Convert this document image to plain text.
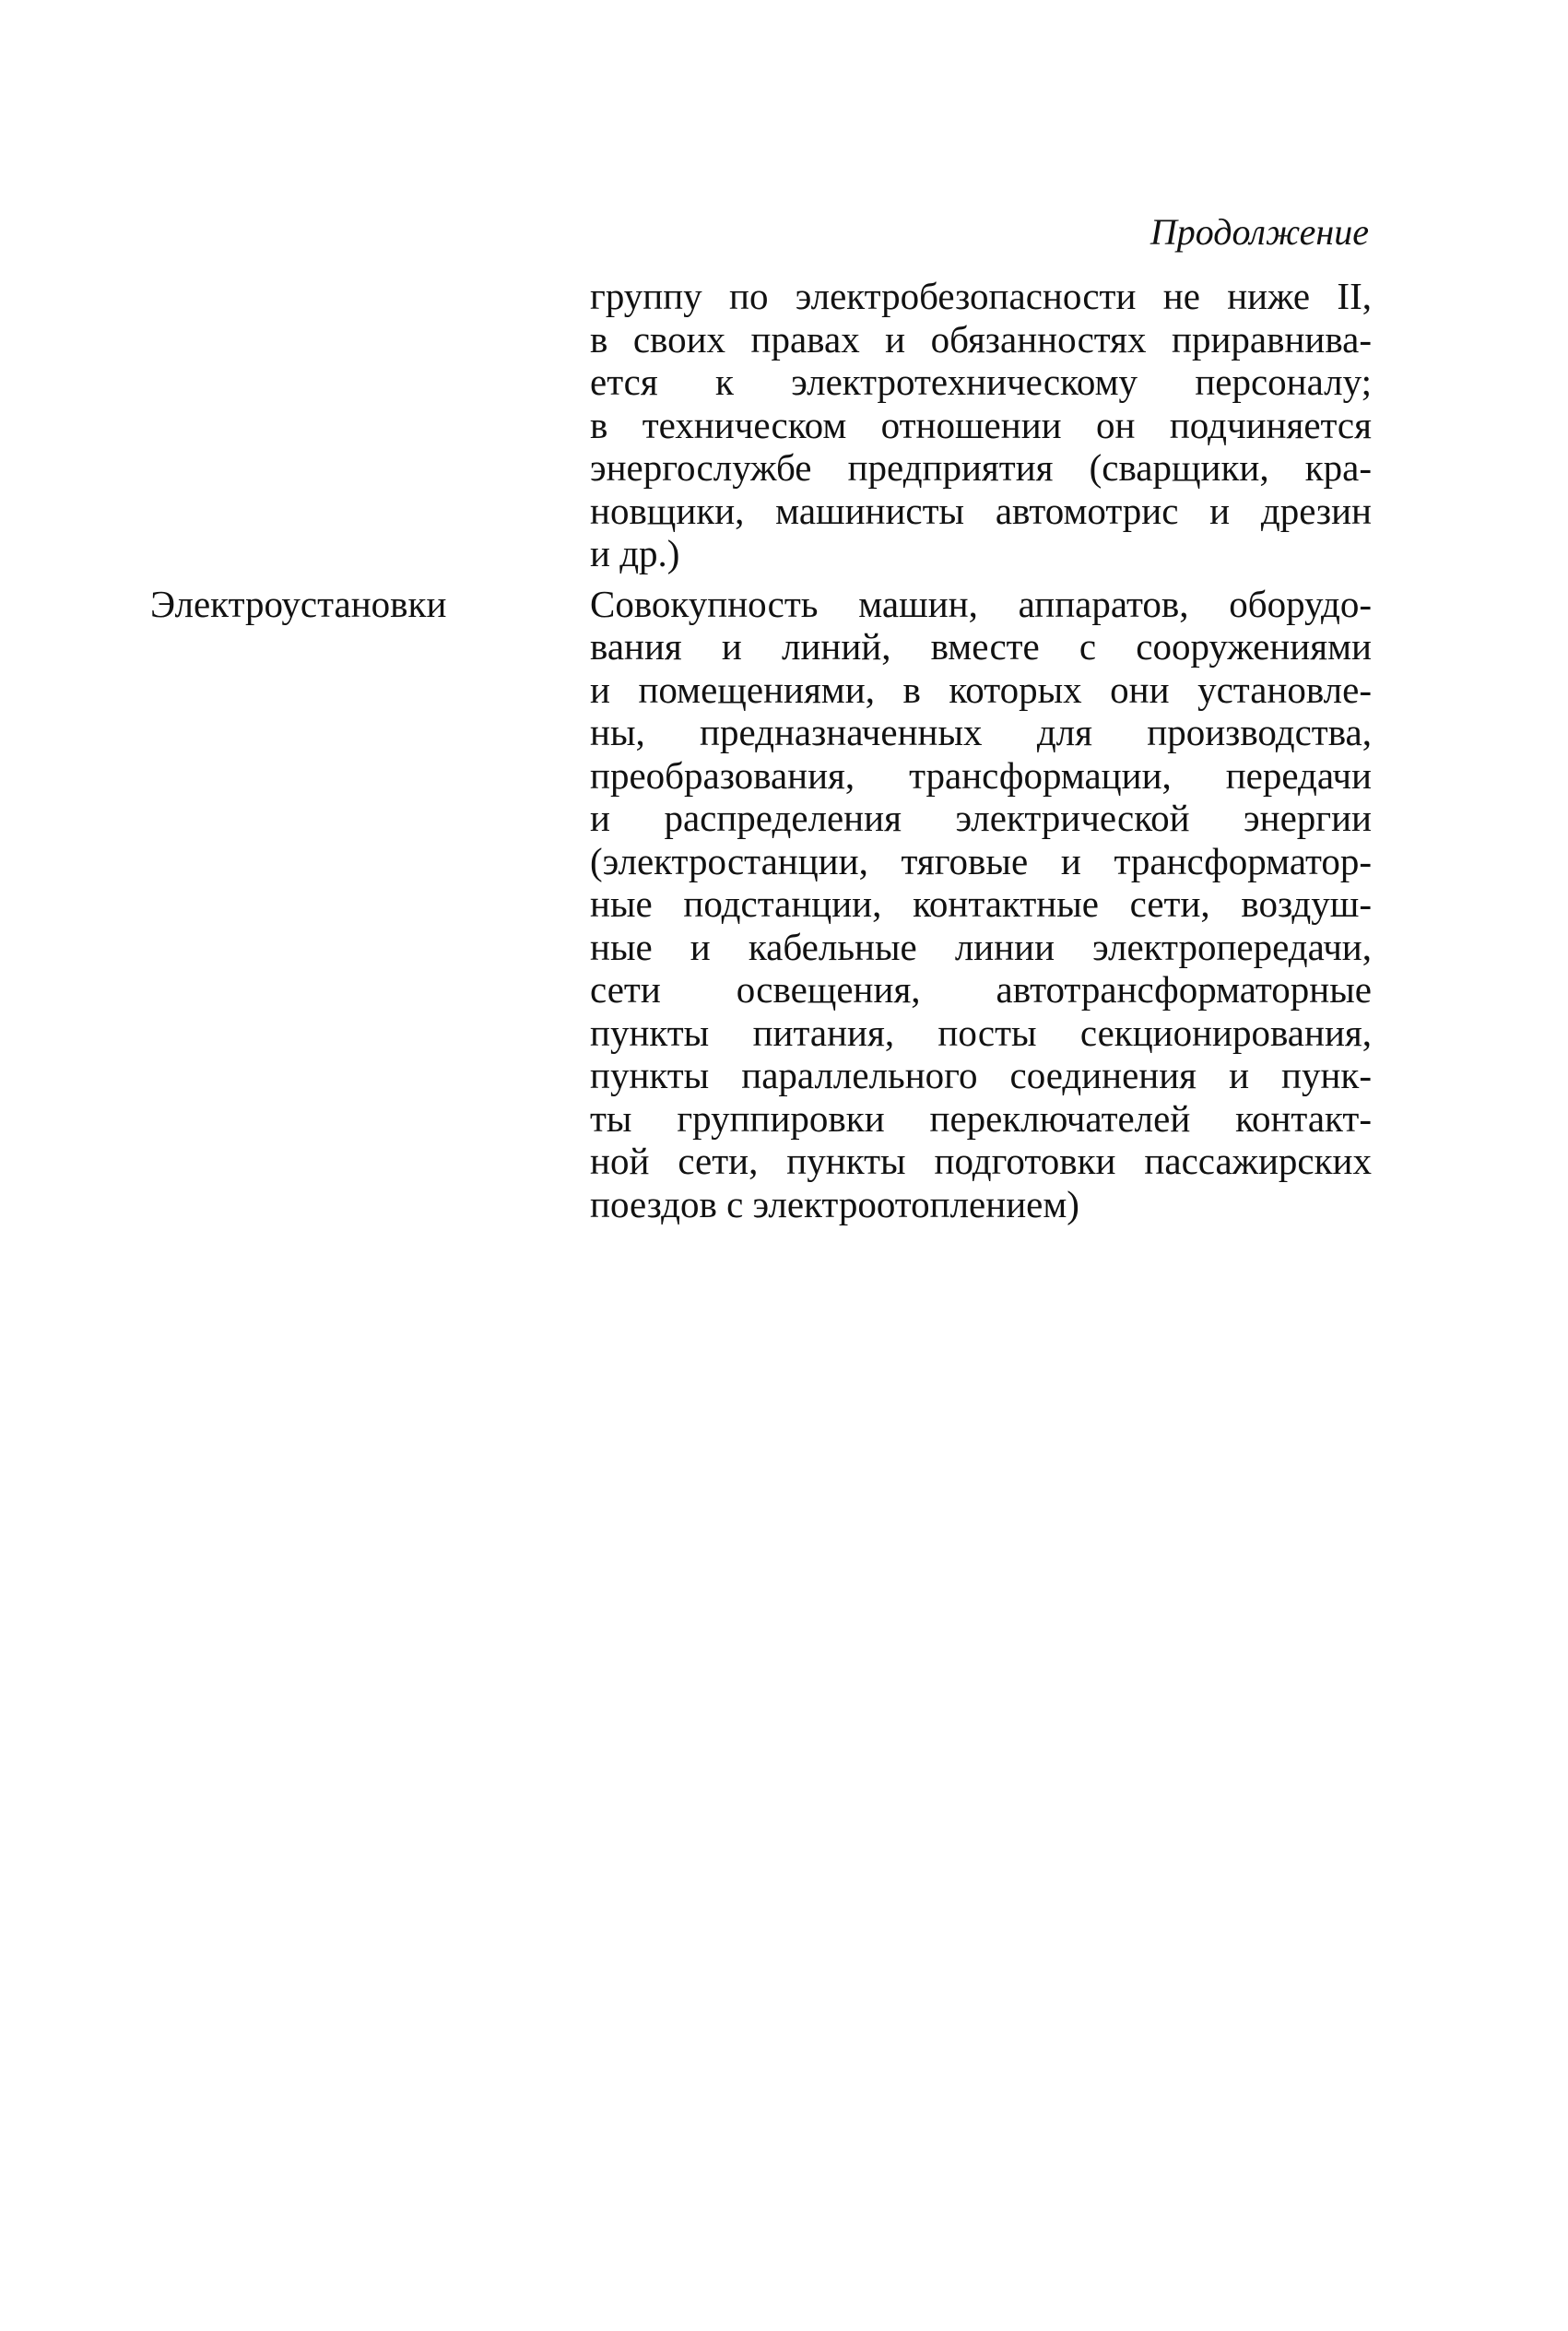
Продолжение
группу по электробезопасности не ниже II,
в своих правах и обязанностях приравнива-
ется к электротехническому персоналу;
в техническом отношении он подчиняется
энергослужбе предприятия (сварщики, кра-
новщики, машинисты автомотрис и дрезин
и др.)
Электроустановки	Совокупность машин, аппаратов, оборудо-
вания и линий, вместе с сооружениями
и помещениями, в которых они установле-
ны, предназначенных для производства,
преобразования, трансформации, передачи
и распределения электрической энергии
(электростанции, тяговые и трансформатор-
ные подстанции, контактные сети, воздуш-
ные и кабельные линии электропередачи,
сети освещения, автотрансформаторные
пункты питания, посты секционирования,
пункты параллельного соединения и пунк-
ты группировки переключателей контакт-
ной сети, пункты подготовки пассажирских
поездов с электроотоплением)
